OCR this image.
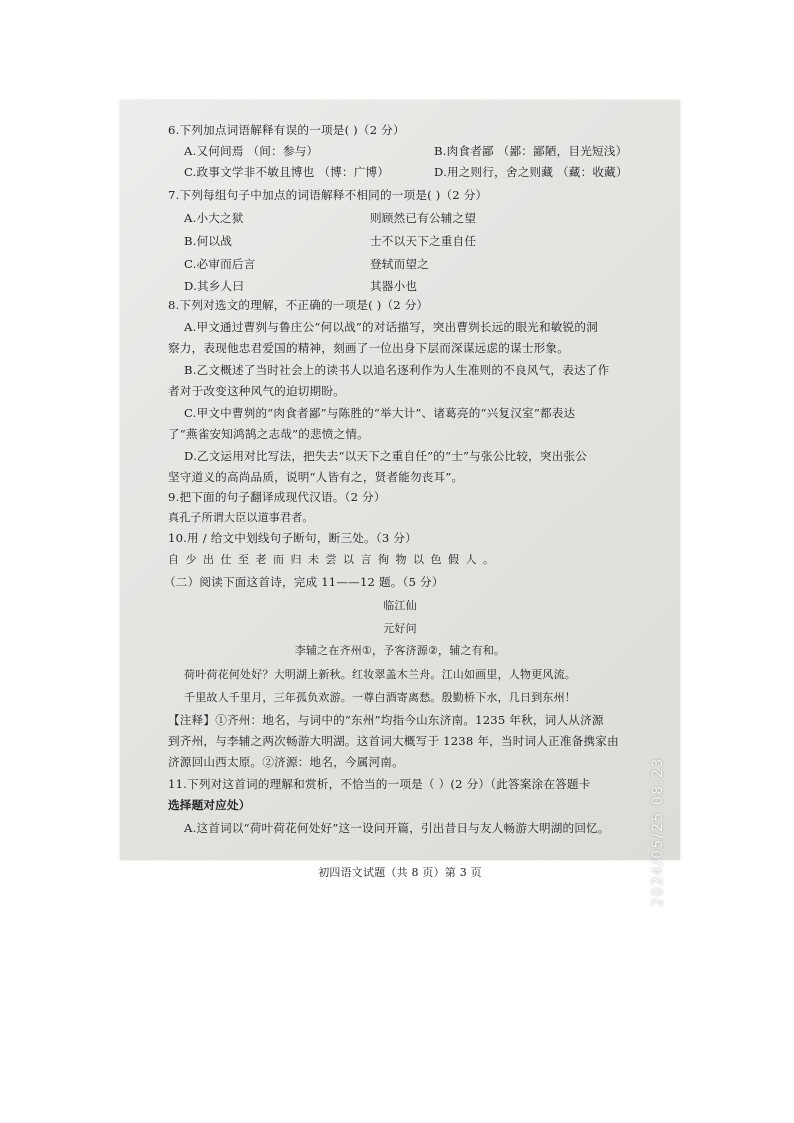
6.下列加点词语解释有误的一项是( )（2 分）
A.又何间焉 （间：参与）	B.肉食者鄙 （鄙：鄙陋，目光短浅）
C.政事文学非不敏且博也 （博：广博）	D.用之则行，舍之则藏 （藏：收藏）
7.下列每组句子中加点的词语解释不相同的一项是( )（2 分）
A.小大之狱	则顾然已有公辅之望
B.何以战	士不以天下之重自任
C.必审而后言	登轼而望之
D.其乡人曰	其器小也
8.下列对选文的理解，不正确的一项是( )（2 分）
A.甲文通过曹刿与鲁庄公“何以战”的对话描写，突出曹刿长远的眼光和敏锐的洞
察力，表现他忠君爱国的精神，刻画了一位出身下层而深谋远虑的谋士形象。
B.乙文概述了当时社会上的读书人以追名逐利作为人生准则的不良风气，表达了作
者对于改变这种风气的迫切期盼。
C.甲文中曹刿的“肉食者鄙”与陈胜的“举大计”、诸葛亮的“兴复汉室”都表达
了“燕雀安知鸿鹄之志哉”的悲愤之情。
D.乙文运用对比写法，把失去“以天下之重自任”的“士”与张公比较，突出张公
坚守道义的高尚品质，说明“人皆有之，贤者能勿丧耳”。
9.把下面的句子翻译成现代汉语。（2 分）
真孔子所谓大臣以道事君者。
10.用 / 给文中划线句子断句，断三处。（3 分）
自少出仕至老而归未尝以言徇物以色假人。
（二）阅读下面这首诗，完成 11——12 题。（5 分）
临江仙
元好问
李辅之在齐州①，予客济源②，辅之有和。
荷叶荷花何处好？大明湖上新秋。红妆翠盖木兰舟。江山如画里，人物更风流。
千里故人千里月，三年孤负欢游。一尊白酒寄离愁。殷勤桥下水，几日到东州！
【注释】①齐州：地名，与词中的“东州”均指今山东济南。1235 年秋，词人从济源
到齐州，与李辅之两次畅游大明湖。这首词大概写于 1238 年，当时词人正准备携家由
济源回山西太原。②济源：地名，今属河南。
11.下列对这首词的理解和赏析，不恰当的一项是（ ）(2 分）（此答案涂在答题卡
选择题对应处）
A.这首词以“荷叶荷花何处好”这一设问开篇，引出昔日与友人畅游大明湖的回忆。
初四语文试题（共 8 页）第 3 页	2024/05/25 08:23
